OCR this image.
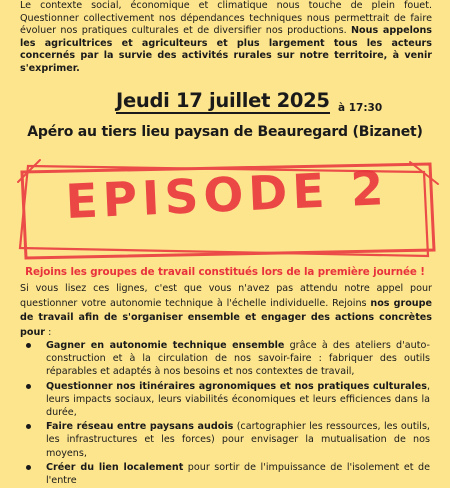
Le contexte social, économique et climatique nous touche de plein fouet. Questionner collectivement nos dépendances techniques nous permettrait de faire évoluer nos pratiques culturales et de diversifier nos productions. Nous appelons les agricultrices et agriculteurs et plus largement tous les acteurs concernés par la survie des activités rurales sur notre territoire, à venir s'exprimer.

Jeudi 17 juillet 2025 à 17:30
Apéro au tiers lieu paysan de Beauregard (Bizanet)
EPISODE 2
Rejoins les groupes de travail constitués lors de la première journée !

Si vous lisez ces lignes, c'est que vous n'avez pas attendu notre appel pour questionner votre autonomie technique à l'échelle individuelle. Rejoins nos groupe de travail afin de s'organiser ensemble et engager des actions concrètes pour :

Gagner en autonomie technique ensemble grâce à des ateliers d'auto-construction et à la circulation de nos savoir-faire : fabriquer des outils réparables et adaptés à nos besoins et nos contextes de travail,
Questionner nos itinéraires agronomiques et nos pratiques culturales, leurs impacts sociaux, leurs viabilités économiques et leurs efficiences dans la durée,
Faire réseau entre paysans audois (cartographier les ressources, les outils, les infrastructures et les forces) pour envisager la mutualisation de nos moyens,
Créer du lien localement pour sortir de l'impuissance de l'isolement et de l'entre
